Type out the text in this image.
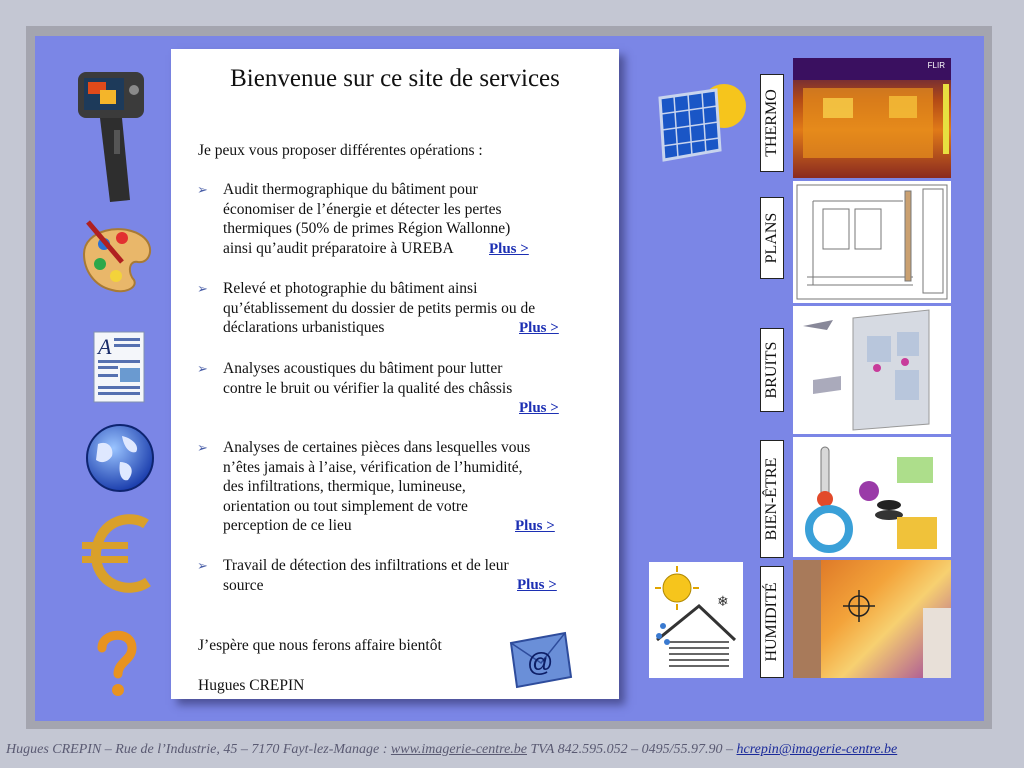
A
Bienvenue sur ce site de services
Je peux vous proposer différentes opérations :
➢ Audit thermographique du bâtiment pour
économiser de l’énergie et détecter les pertes
thermiques (50% de primes Région Wallonne)
ainsi qu’audit préparatoire à UREBA	Plus >
➢ Relevé et photographie du bâtiment ainsi
qu’établissement du dossier de petits permis ou de
déclarations urbanistiques	Plus >
➢ Analyses acoustiques du bâtiment pour lutter
contre le bruit ou vérifier la qualité des châssis
Plus >
➢ Analyses de certaines pièces dans lesquelles vous
n’êtes jamais à l’aise, vérification de l’humidité,
des infiltrations, thermique, lumineuse,
orientation ou tout simplement de votre
perception de ce lieu	Plus >
➢ Travail de détection des infiltrations et de leur
source	Plus >
J’espère que nous ferons affaire bientôt
Hugues CREPIN
@
❄
THERMO
PLANS
BRUITS
BIEN-ÊTRE
HUMIDITÉ
FLIR
Hugues CREPIN – Rue de l’Industrie, 45 – 7170 Fayt-lez-Manage : www.imagerie-centre.be TVA 842.595.052 – 0495/55.97.90 – hcrepin@imagerie-centre.be
